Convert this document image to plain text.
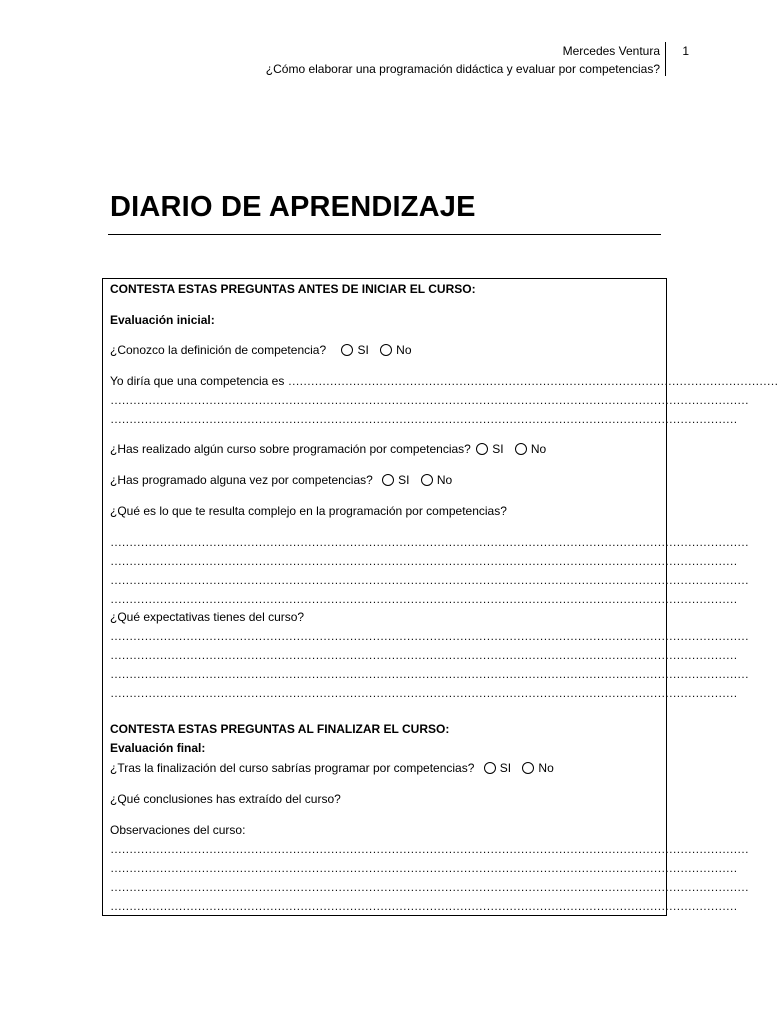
Mercedes Ventura
¿Cómo elaborar una programación didáctica y evaluar por competencias?
1
DIARIO DE APRENDIZAJE
CONTESTA ESTAS PREGUNTAS ANTES DE INICIAR EL CURSO:
Evaluación inicial:
¿Conozco la definición de competencia?	SI No
Yo diría que una competencia es …………………………………………………………………………………………………………………
……………………………………………………………………………………………………………………………………………………
…………………………………………………………………………………………………………………………………………………
¿Has realizado algún curso sobre programación por competencias? SI No
¿Has programado alguna vez por competencias? SI No
¿Qué es lo que te resulta complejo en la programación por competencias?
……………………………………………………………………………………………………………………………………………………
…………………………………………………………………………………………………………………………………………………
……………………………………………………………………………………………………………………………………………………
…………………………………………………………………………………………………………………………………………………
¿Qué expectativas tienes del curso?
……………………………………………………………………………………………………………………………………………………
…………………………………………………………………………………………………………………………………………………
……………………………………………………………………………………………………………………………………………………
…………………………………………………………………………………………………………………………………………………
CONTESTA ESTAS PREGUNTAS AL FINALIZAR EL CURSO:
Evaluación final:
¿Tras la finalización del curso sabrías programar por competencias? SI No
¿Qué conclusiones has extraído del curso?
Observaciones del curso:
……………………………………………………………………………………………………………………………………………………
…………………………………………………………………………………………………………………………………………………
……………………………………………………………………………………………………………………………………………………
…………………………………………………………………………………………………………………………………………………
